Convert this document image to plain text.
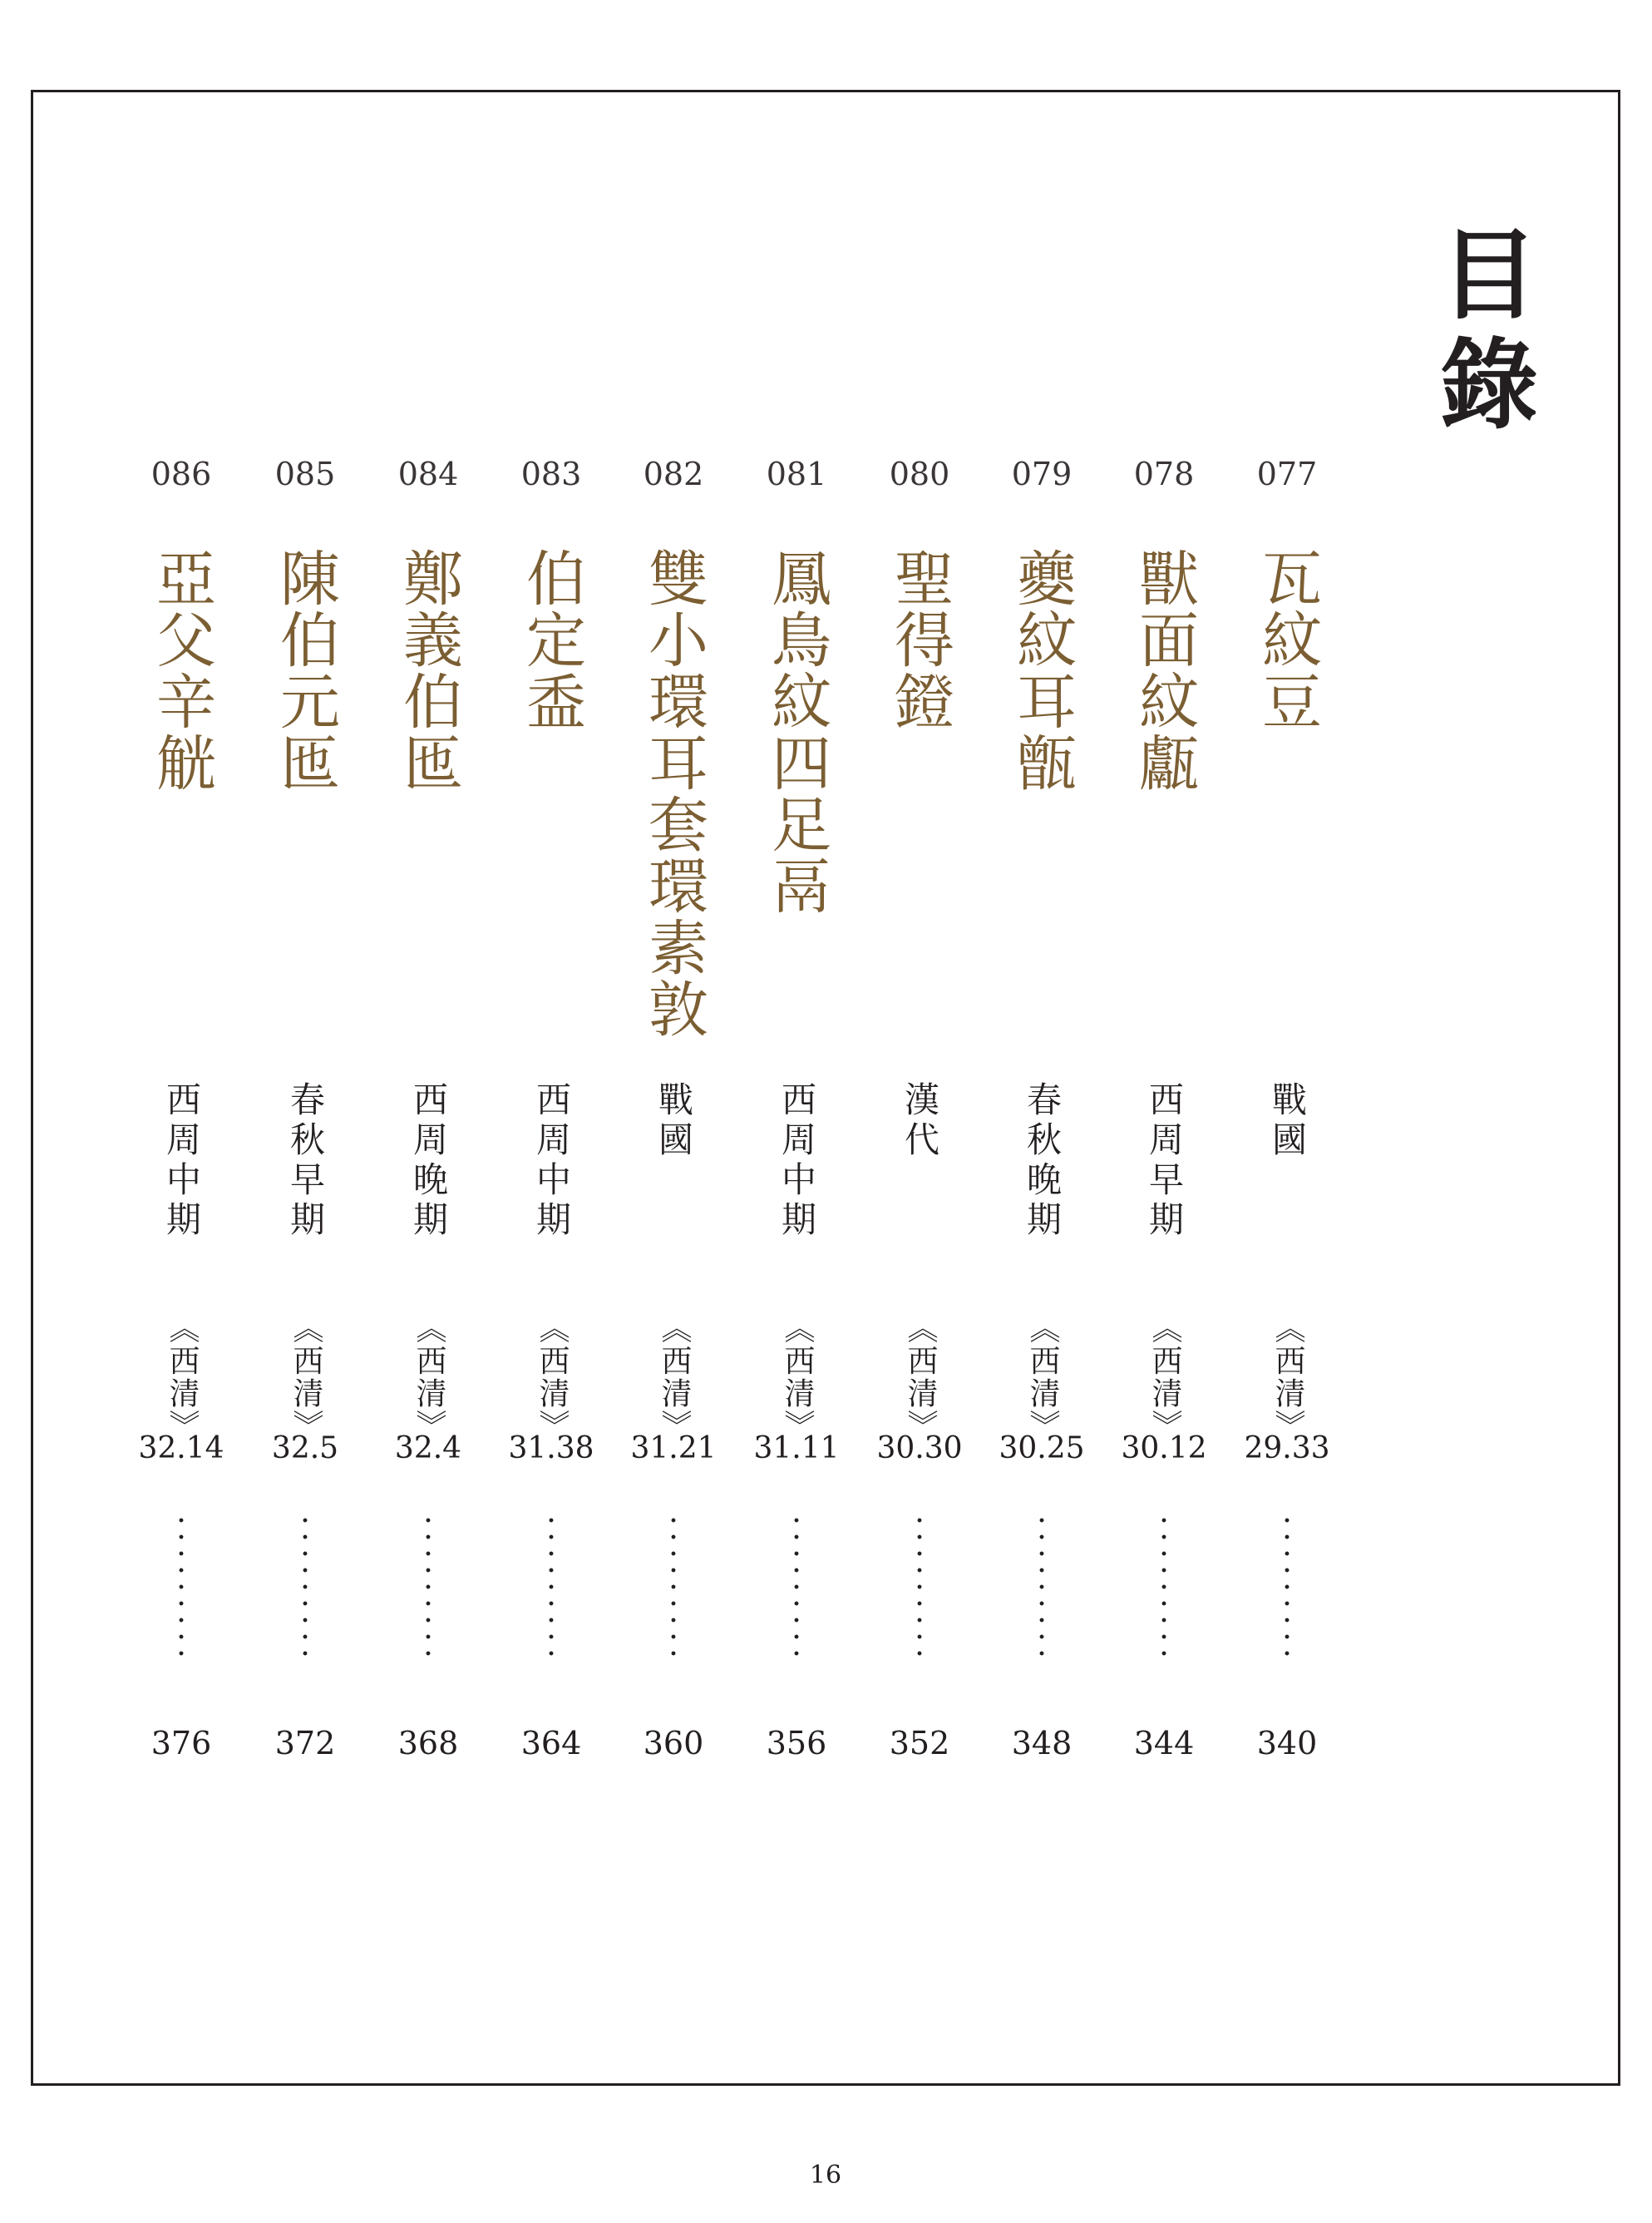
目錄
077
瓦紋豆
戰國
《西清》
29.33
340
078
獸面紋甗
西周早期
《西清》
30.12
344
079
夔紋耳甑
春秋晚期
《西清》
30.25
348
080
聖得鐙
漢代
《西清》
30.30
352
081
鳳鳥紋四足鬲
西周中期
《西清》
31.11
356
082
雙小環耳套環素敦
戰國
《西清》
31.21
360
083
伯定盉
西周中期
《西清》
31.38
364
084
鄭義伯匜
西周晚期
《西清》
32.4
368
085
陳伯元匜
春秋早期
《西清》
32.5
372
086
亞父辛觥
西周中期
《西清》
32.14
376
16
